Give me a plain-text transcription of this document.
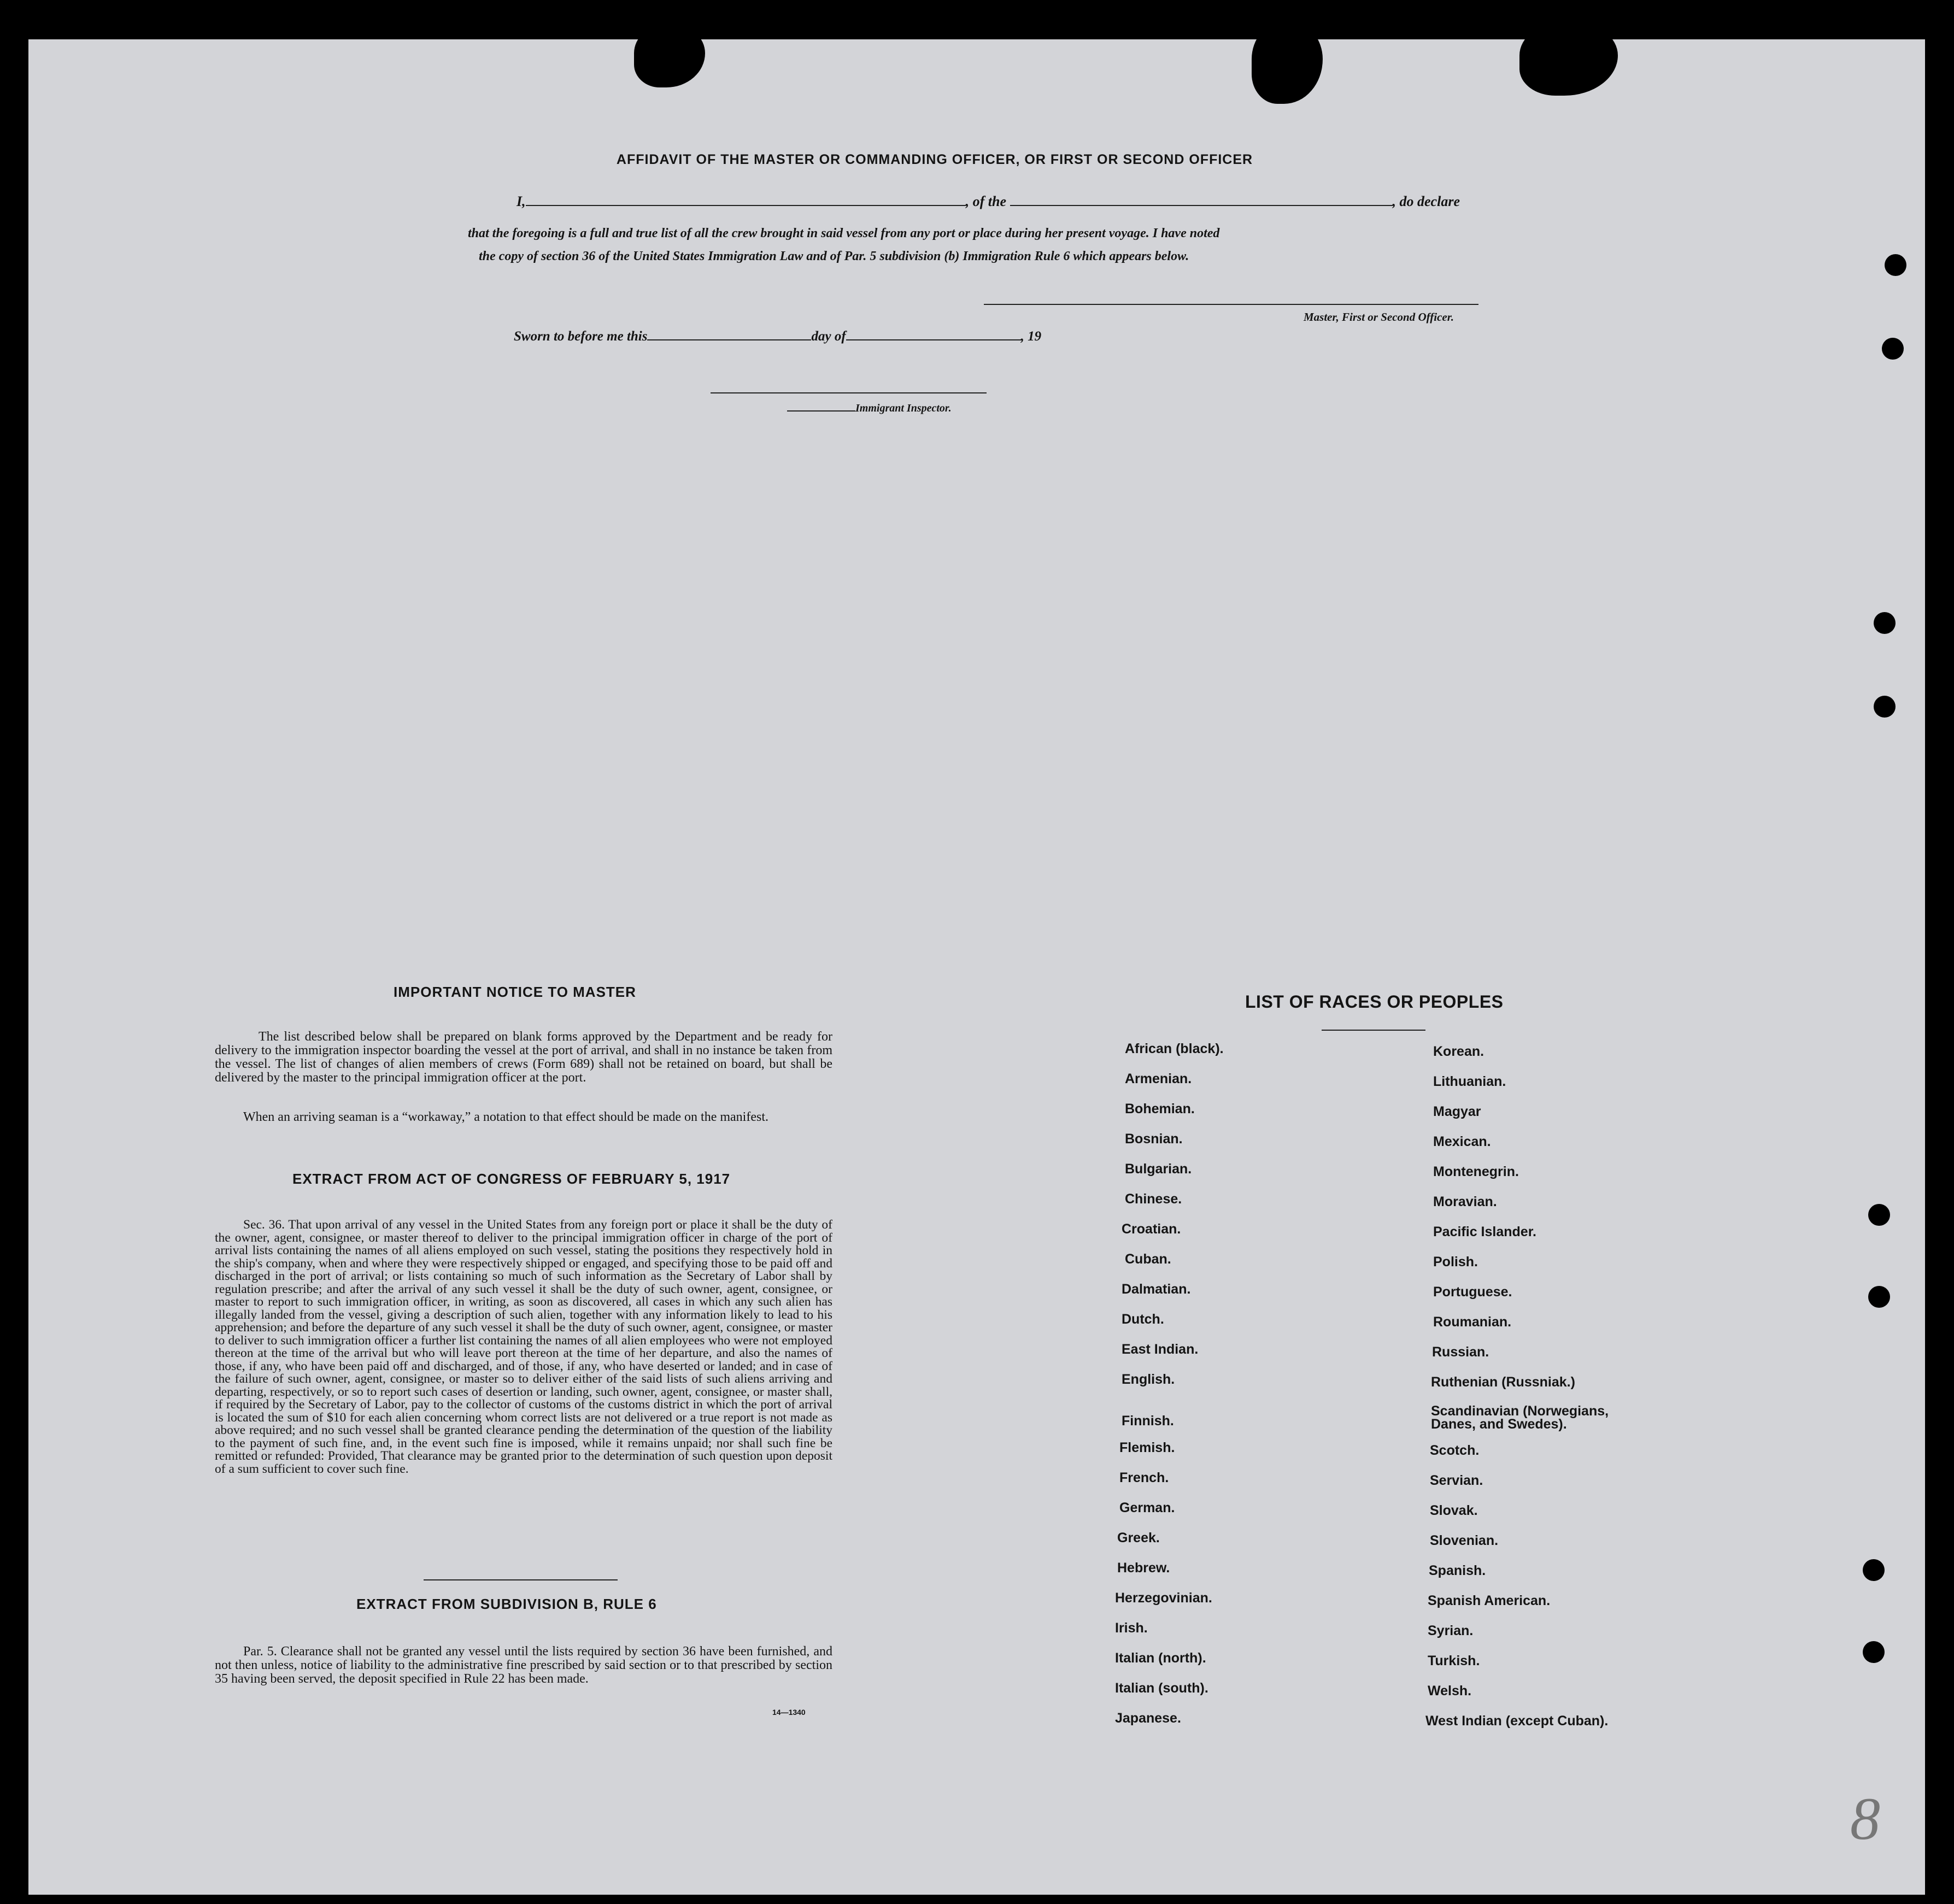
AFFIDAVIT OF THE MASTER OR COMMANDING OFFICER, OR FIRST OR SECOND OFFICER
I,	, of the	, do declare
that the foregoing is a full and true list of all the crew brought in said vessel from any port or place during her present voyage. I have noted
the copy of section 36 of the United States Immigration Law and of Par. 5 subdivision (b) Immigration Rule 6 which appears below.
Master, First or Second Officer.
Sworn to before me this	day of	, 19
Immigrant Inspector.
IMPORTANT NOTICE TO MASTER
The list described below shall be prepared on blank forms approved by the Department and be ready for delivery to the immigration inspector boarding the vessel at the port of arrival, and shall in no instance be taken from the vessel. The list of changes of alien members of crews (Form 689) shall not be retained on board, but shall be delivered by the master to the principal immigration officer at the port.
When an arriving seaman is a “workaway,” a notation to that effect should be made on the manifest.
EXTRACT FROM ACT OF CONGRESS OF FEBRUARY 5, 1917
Sec. 36. That upon arrival of any vessel in the United States from any foreign port or place it shall be the duty of the owner, agent, consignee, or master thereof to deliver to the principal immigration officer in charge of the port of arrival lists containing the names of all aliens employed on such vessel, stating the positions they respectively hold in the ship's company, when and where they were respectively shipped or engaged, and specifying those to be paid off and discharged in the port of arrival; or lists containing so much of such information as the Secretary of Labor shall by regulation prescribe; and after the arrival of any such vessel it shall be the duty of such owner, agent, consignee, or master to report to such immigration officer, in writing, as soon as discovered, all cases in which any such alien has illegally landed from the vessel, giving a description of such alien, together with any information likely to lead to his apprehension; and before the departure of any such vessel it shall be the duty of such owner, agent, consignee, or master to deliver to such immigration officer a further list containing the names of all alien employees who were not employed thereon at the time of the arrival but who will leave port thereon at the time of her departure, and also the names of those, if any, who have been paid off and discharged, and of those, if any, who have deserted or landed; and in case of the failure of such owner, agent, consignee, or master so to deliver either of the said lists of such aliens arriving and departing, respectively, or so to report such cases of desertion or landing, such owner, agent, consignee, or master shall, if required by the Secretary of Labor, pay to the collector of customs of the customs district in which the port of arrival is located the sum of $10 for each alien concerning whom correct lists are not delivered or a true report is not made as above required; and no such vessel shall be granted clearance pending the determination of the question of the liability to the payment of such fine, and, in the event such fine is imposed, while it remains unpaid; nor shall such fine be remitted or refunded: Provided, That clearance may be granted prior to the determination of such question upon deposit of a sum sufficient to cover such fine.
EXTRACT FROM SUBDIVISION B, RULE 6
Par. 5. Clearance shall not be granted any vessel until the lists required by section 36 have been furnished, and not then unless, notice of liability to the administrative fine prescribed by said section or to that prescribed by section 35 having been served, the deposit specified in Rule 22 has been made.
14—1340
LIST OF RACES OR PEOPLES
African (black).
Armenian.
Bohemian.
Bosnian.
Bulgarian.
Chinese.
Croatian.
Cuban.
Dalmatian.
Dutch.
East Indian.
English.
Finnish.
Flemish.
French.
German.
Greek.
Hebrew.
Herzegovinian.
Irish.
Italian (north).
Italian (south).
Japanese.
Korean.
Lithuanian.
Magyar
Mexican.
Montenegrin.
Moravian.
Pacific Islander.
Polish.
Portuguese.
Roumanian.
Russian.
Ruthenian (Russniak.)
Scandinavian (Norwegians, Danes, and Swedes).
Scotch.
Servian.
Slovak.
Slovenian.
Spanish.
Spanish American.
Syrian.
Turkish.
Welsh.
West Indian (except Cuban).
8
